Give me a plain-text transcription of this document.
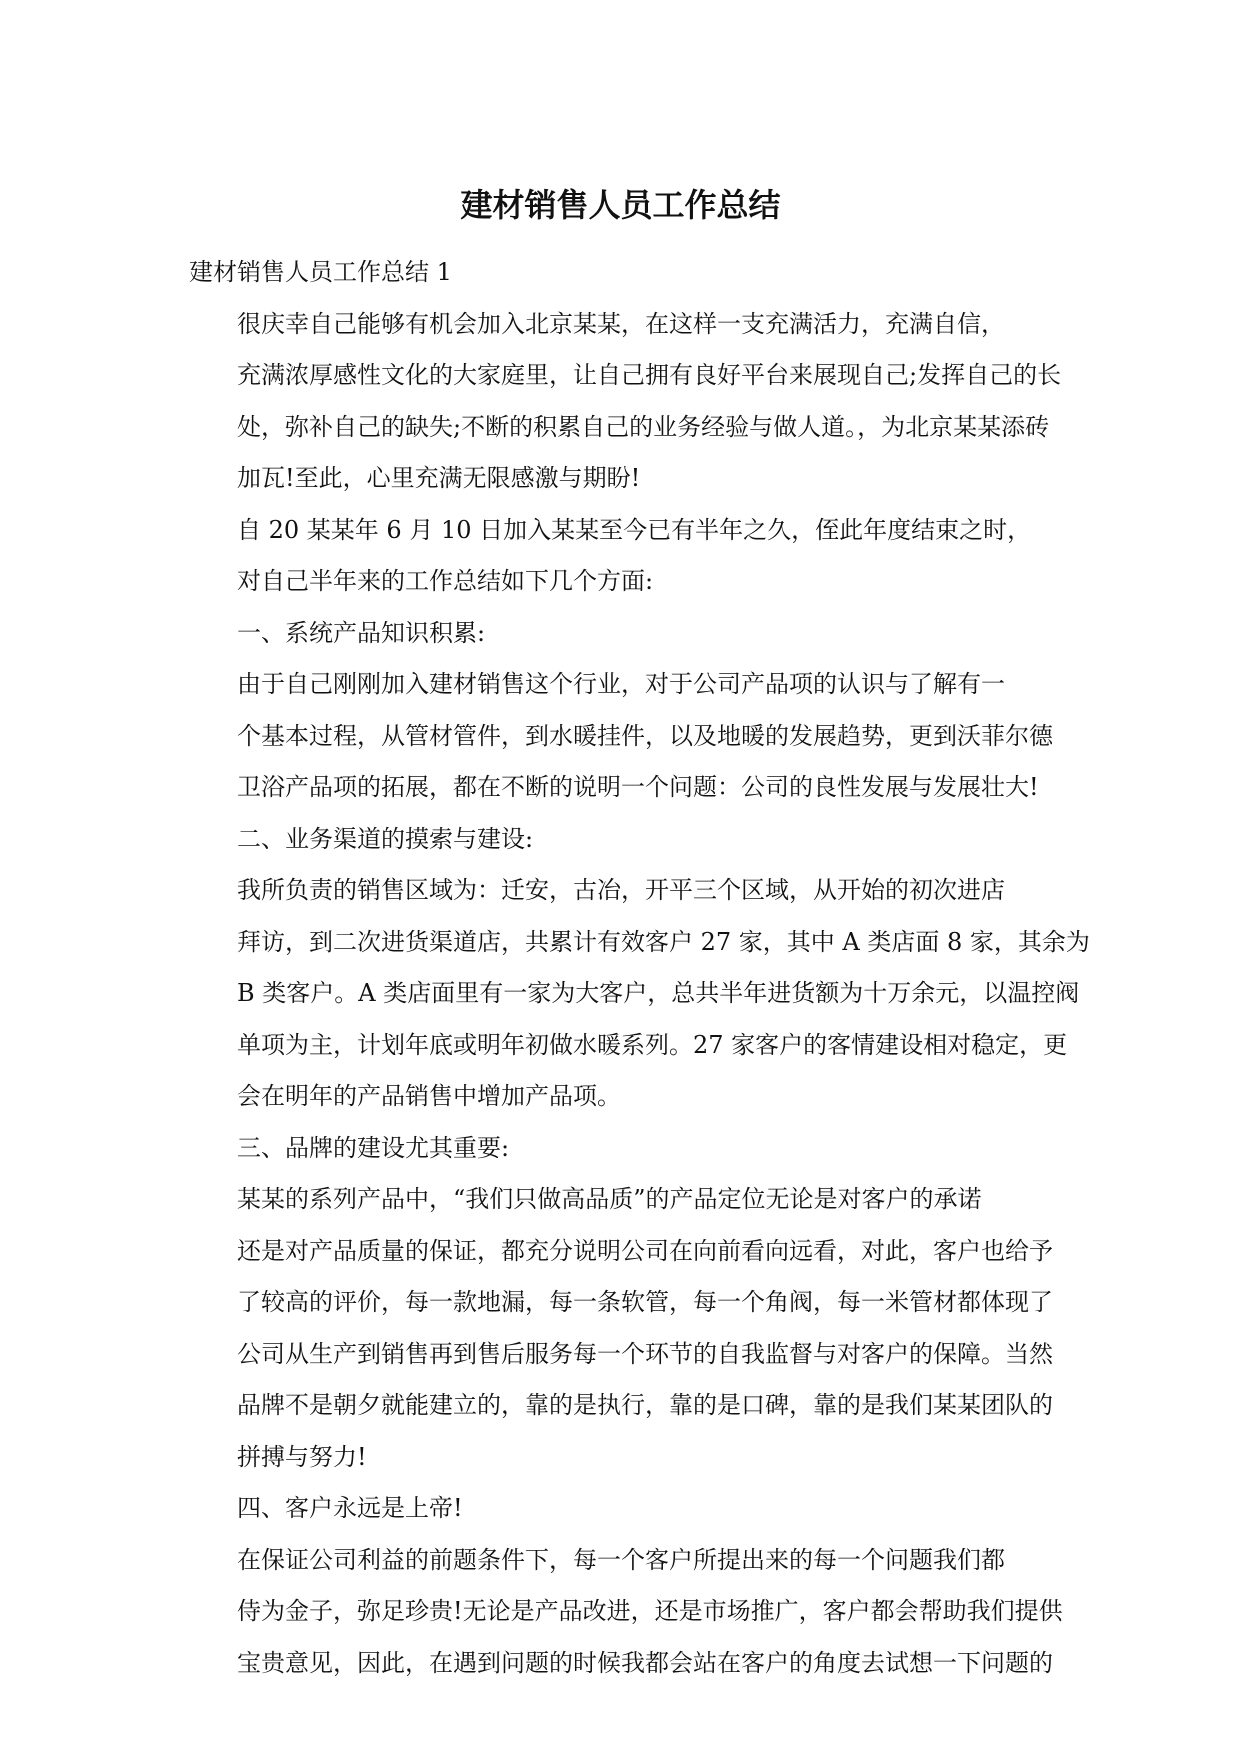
建材销售人员工作总结

建材销售人员工作总结 1

很庆幸自己能够有机会加入北京某某，在这样一支充满活力，充满自信，
充满浓厚感性文化的大家庭里，让自己拥有良好平台来展现自己;发挥自己的长
处，弥补自己的缺失;不断的积累自己的业务经验与做人道。，为北京某某添砖
加瓦!至此，心里充满无限感激与期盼!

自 20 某某年 6 月 10 日加入某某至今已有半年之久，侄此年度结束之时，
对自己半年来的工作总结如下几个方面:

一、系统产品知识积累:

由于自己刚刚加入建材销售这个行业，对于公司产品项的认识与了解有一
个基本过程，从管材管件，到水暖挂件，以及地暖的发展趋势，更到沃菲尔德
卫浴产品项的拓展，都在不断的说明一个问题：公司的良性发展与发展壮大!

二、业务渠道的摸索与建设:

我所负责的销售区域为：迁安，古冶，开平三个区域，从开始的初次进店
拜访，到二次进货渠道店，共累计有效客户 27 家，其中 A 类店面 8 家，其余为
B 类客户。A 类店面里有一家为大客户，总共半年进货额为十万余元，以温控阀
单项为主，计划年底或明年初做水暖系列。27 家客户的客情建设相对稳定，更
会在明年的产品销售中增加产品项。

三、品牌的建设尤其重要:

某某的系列产品中，“我们只做高品质”的产品定位无论是对客户的承诺
还是对产品质量的保证，都充分说明公司在向前看向远看，对此，客户也给予
了较高的评价，每一款地漏，每一条软管，每一个角阀，每一米管材都体现了
公司从生产到销售再到售后服务每一个环节的自我监督与对客户的保障。当然
品牌不是朝夕就能建立的，靠的是执行，靠的是口碑，靠的是我们某某团队的
拼搏与努力!

四、客户永远是上帝!

在保证公司利益的前题条件下，每一个客户所提出来的每一个问题我们都
侍为金子，弥足珍贵!无论是产品改进，还是市场推广，客户都会帮助我们提供
宝贵意见，因此，在遇到问题的时候我都会站在客户的角度去试想一下问题的
